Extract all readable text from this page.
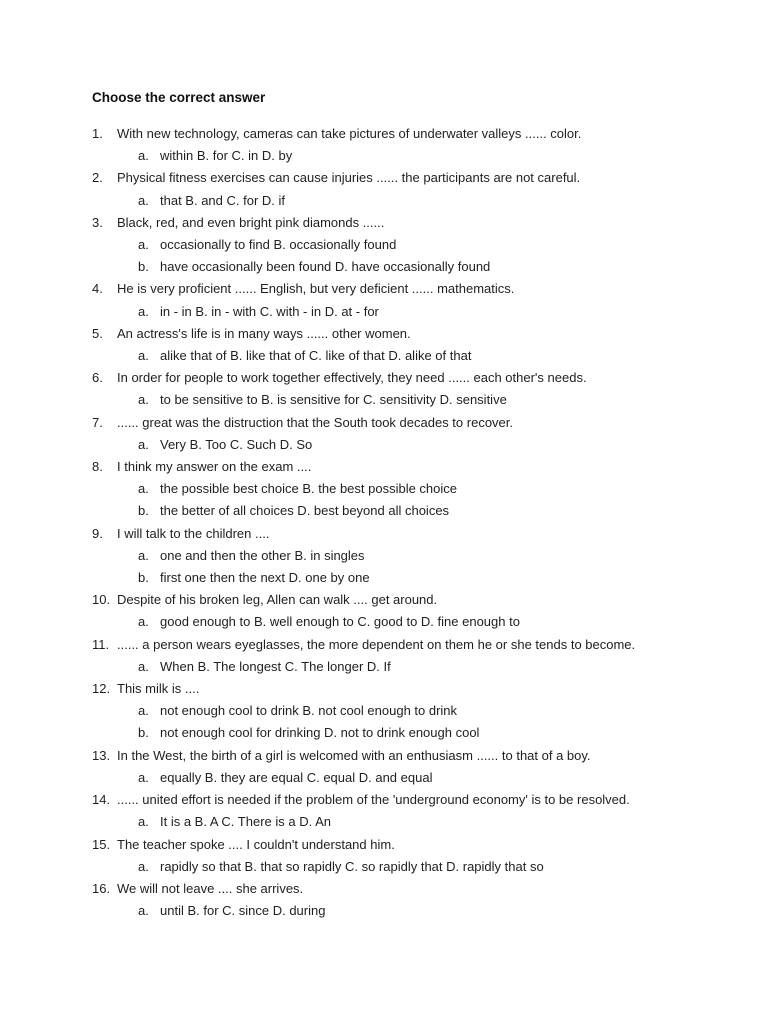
Choose the correct answer
1.	With new technology, cameras can take pictures of underwater valleys ...... color.
a. within B. for C. in D. by
2.	Physical fitness exercises can cause injuries ...... the participants are not careful.
a. that B. and C. for D. if
3.	Black, red, and even bright pink diamonds ......
a. occasionally to find B. occasionally found
b. have occasionally been found D. have occasionally found
4.	He is very proficient ...... English, but very deficient ...... mathematics.
a. in - in B. in - with C. with - in D. at - for
5.	An actress's life is in many ways ...... other women.
a. alike that of B. like that of C. like of that D. alike of that
6.	In order for people to work together effectively, they need ...... each other's needs.
a. to be sensitive to B. is sensitive for C. sensitivity D. sensitive
7.	...... great was the distruction that the South took decades to recover.
a. Very B. Too C. Such D. So
8.	I think my answer on the exam ....
a. the possible best choice B. the best possible choice
b. the better of all choices D. best beyond all choices
9.	I will talk to the children ....
a. one and then the other B. in singles
b. first one then the next D. one by one
10. Despite of his broken leg, Allen can walk .... get around.
a. good enough to B. well enough to C. good to D. fine enough to
11. ...... a person wears eyeglasses, the more dependent on them he or she tends to become.
a. When B. The longest C. The longer D. If
12. This milk is ....
a. not enough cool to drink B. not cool enough to drink
b. not enough cool for drinking D. not to drink enough cool
13. In the West, the birth of a girl is welcomed with an enthusiasm ...... to that of a boy.
a. equally B. they are equal C. equal D. and equal
14. ...... united effort is needed if the problem of the 'underground economy' is to be resolved.
a. It is a B. A C. There is a D. An
15. The teacher spoke .... I couldn't understand him.
a. rapidly so that B. that so rapidly C. so rapidly that D. rapidly that so
16. We will not leave .... she arrives.
a. until B. for C. since D. during
